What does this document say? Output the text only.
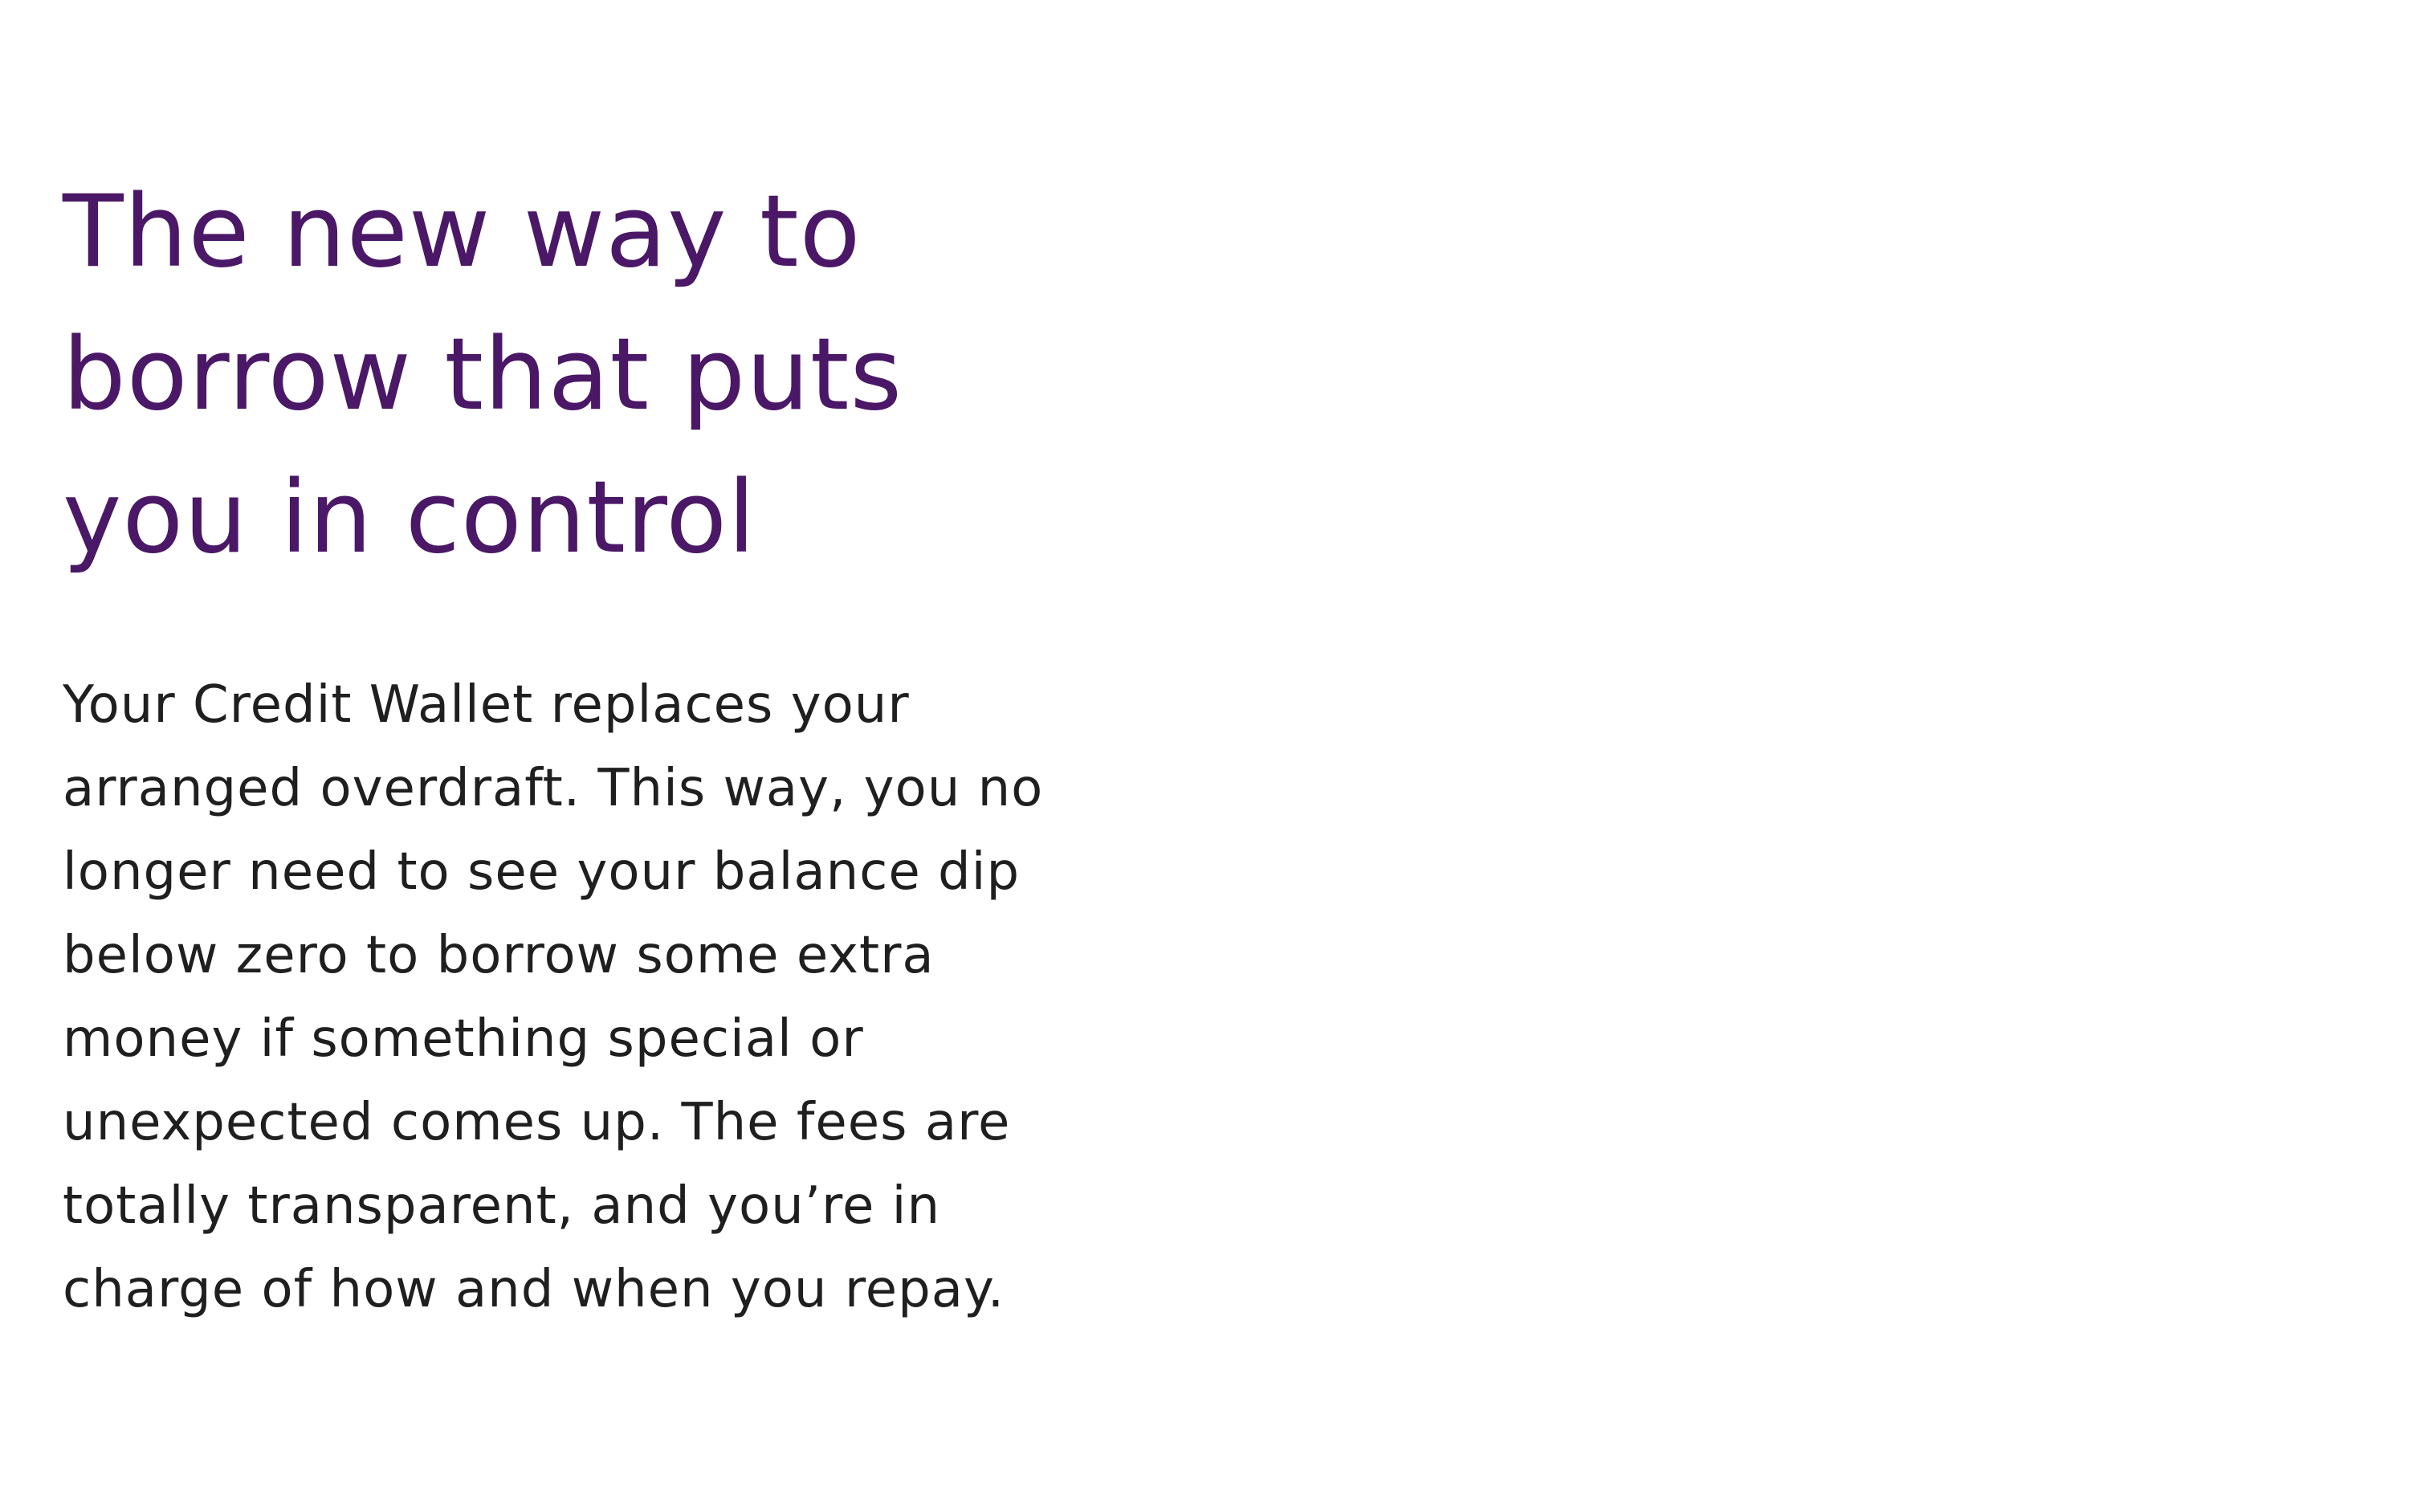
The new way to
borrow that puts
you in control

Your Credit Wallet replaces your
arranged overdraft. This way, you no
longer need to see your balance dip
below zero to borrow some extra
money if something special or
unexpected comes up. The fees are
totally transparent, and you’re in
charge of how and when you repay.
